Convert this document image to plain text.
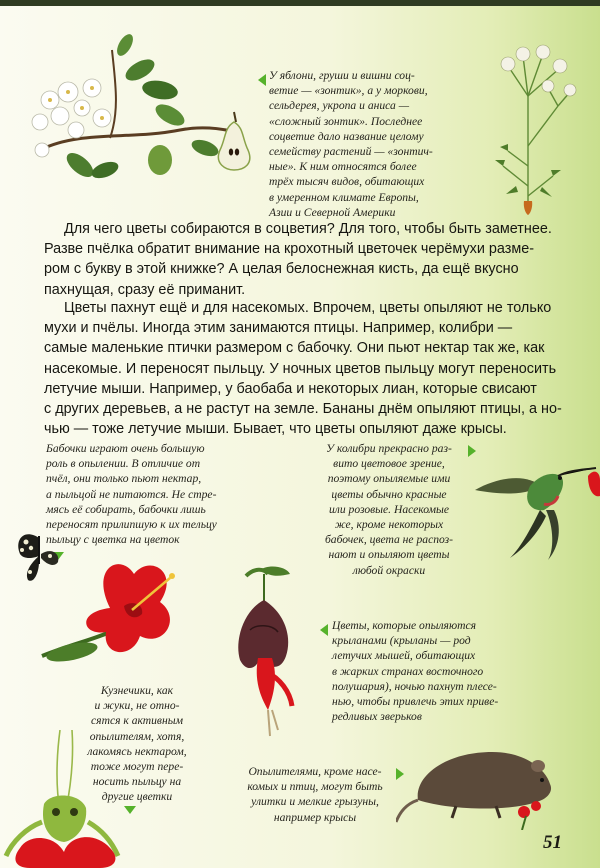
У яблони, груши и вишни соц-
ветие — «зонтик», а у моркови,
сельдерея, укропа и аниса —
«сложный зонтик». Последнее
соцветие дало название целому
семейству растений — «зонтич-
ные». К ним относятся более
трёх тысяч видов, обитающих
в умеренном климате Европы,
Азии и Северной Америки

Для чего цветы собираются в соцветия? Для того, чтобы быть заметнее.
Разве пчёлка обратит внимание на крохотный цветочек черёмухи разме-
ром с букву в этой книжке? А целая белоснежная кисть, да ещё вкусно
пахнущая, сразу её приманит.

Цветы пахнут ещё и для насекомых. Впрочем, цветы опыляют не только
мухи и пчёлы. Иногда этим занимаются птицы. Например, колибри —
самые маленькие птички размером с бабочку. Они пьют нектар так же, как
насекомые. И переносят пыльцу. У ночных цветов пыльцу могут переносить
летучие мыши. Например, у баобаба и некоторых лиан, которые свисают
с других деревьев, а не растут на земле. Бананы днём опыляют птицы, а но-
чью — тоже летучие мыши. Бывает, что цветы опыляют даже крысы.

Бабочки играют очень большую
роль в опылении. В отличие от
пчёл, они только пьют нектар,
а пыльцой не питаются. Не стре-
мясь её собирать, бабочки лишь
переносят прилипшую к их тельцу
пыльцу с цветка на цветок

У колибри прекрасно раз-
вито цветовое зрение,
поэтому опыляемые ими
цветы обычно красные
или розовые. Насекомые
же, кроме некоторых
бабочек, цвета не распоз-
нают и опыляют цветы
любой окраски

Цветы, которые опыляются
крыланами (крыланы — род
летучих мышей, обитающих
в жарких странах восточного
полушария), ночью пахнут плесе-
нью, чтобы привлечь этих приве-
редливых зверьков

Кузнечики, как
и жуки, не отно-
сятся к активным
опылителям, хотя,
лакомясь нектаром,
тоже могут пере-
носить пыльцу на
другие цветки

Опылителями, кроме насе-
комых и птиц, могут быть
улитки и мелкие грызуны,
например крысы

51
